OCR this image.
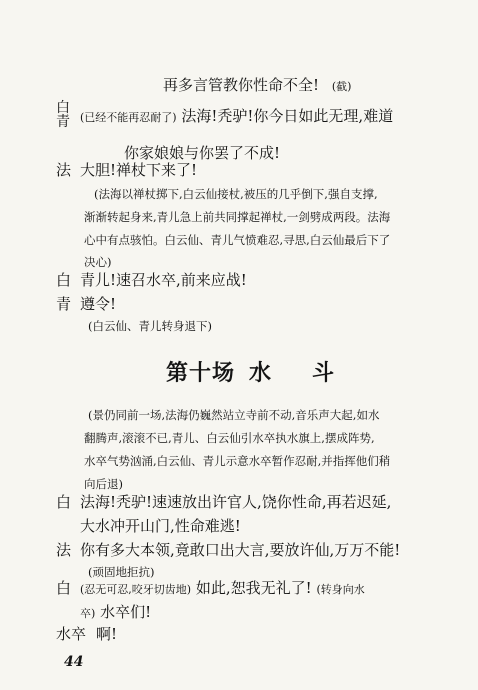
再多言管教你性命不全! (截)
白
青 (已经不能再忍耐了) 法海!秃驴!你今日如此无理,难道
你家娘娘与你罢了不成!
法 大胆!禅杖下来了!
(法海以禅杖掷下,白云仙接杖,被压的几乎倒下,强自支撑,
渐渐转起身来,青儿急上前共同撑起禅杖,一剑劈成两段。法海
心中有点骇怕。白云仙、青儿气愤难忍,寻思,白云仙最后下了
决心)
白 青儿!速召水卒,前来应战!
青 遵令!
(白云仙、青儿转身退下)
第十场 水 斗
(景仍同前一场,法海仍巍然站立寺前不动,音乐声大起,如水
翻腾声,滚滚不已,青儿、白云仙引水卒执水旗上,摆成阵势,
水卒气势汹涌,白云仙、青儿示意水卒暂作忍耐,并指挥他们稍
向后退)
白 法海!秃驴!速速放出许官人,饶你性命,再若迟延,
大水冲开山门,性命难逃!
法 你有多大本领,竟敢口出大言,要放许仙,万万不能!
(顽固地拒抗)
白 (忍无可忍,咬牙切齿地) 如此,恕我无礼了! (转身向水
卒) 水卒们!
水卒 啊!
44
